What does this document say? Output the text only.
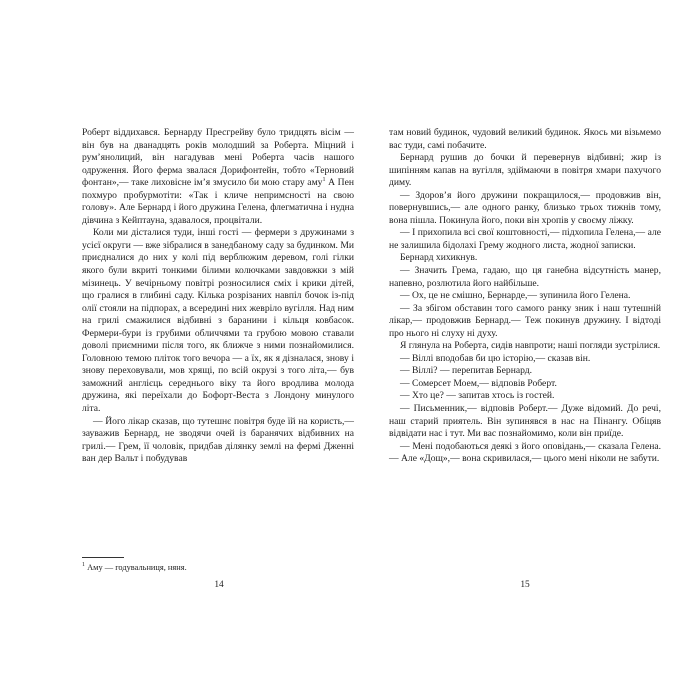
Роберт віддихався. Бернарду Пресгрейву було тридцять вісім — він був на дванадцять років молодший за Роберта. Міцний і рум’янолиций, він нагадував мені Роберта часів нашого одруження. Його ферма звалася Дорифонтейн, тобто «Терновий фонтан»,— таке лиховісне ім’я змусило би мою стару аму$^1$ А Пен похмуро пробурмотіти: «Так і кличе непримсності на свою голову». Але Бернард і його дружина Гелена, флегматична і нудна дівчина з Кейптауна, здавалося, процвітали.

Коли ми дісталися туди, інші гості — фермери з дружинами з усієї округи — вже зібралися в занедбаному саду за будинком. Ми приєдналися до них у колі під верблюжим деревом, голі гілки якого були вкриті тонкими білими колючками завдовжки з мій мізинець. У вечірньому повітрі розносилися сміх і крики дітей, що гралися в глибині саду. Кілька розрізаних навпіл бочок із-під олії стояли на підпорах, а всередині них жевріло вугілля. Над ним на грилі смажилися відбивні з баранини і кільця ковбасок. Фермери-бури із грубими обличчями та грубою мовою ставали доволі приємними після того, як ближче з ними познайомилися. Головною темою пліток того вечора — а їх, як я дізналася, знову і знову переховували, мов хрящі, по всій окрузі з того літа,— був заможний англієць середнього віку та його вродлива молода дружина, які переїхали до Бофорт-Веста з Лондону минулого літа.

— Його лікар сказав, що тутешнє повітря буде їй на користь,— зауважив Бернард, не зводячи очей із баранячих відбивних на грилі.— Грем, її чоловік, придбав ділянку землі на фермі Дженні ван дер Вальт і побудував

$^1$ Аму — годувальниця, няня.
14

там новий будинок, чудовий великий будинок. Якось ми візьмемо вас туди, самі побачите.

Бернард рушив до бочки й перевернув відбивні; жир із шипінням капав на вугілля, здіймаючи в повітря хмари пахучого диму.

— Здоров’я його дружини покращилося,— продовжив він, повернувшись,— але одного ранку, близько трьох тижнів тому, вона пішла. Покинула його, поки він хропів у своєму ліжку.

— І прихопила всі свої коштовності,— підхопила Гелена,— але не залишила бідолахі Грему жодного листа, жодної записки.

Бернард хихикнув.

— Значить Грема, гадаю, що ця ганебна відсутність манер, напевно, розлютила його найбільше.

— Ох, це не смішно, Бернарде,— зупинила його Гелена.

— За збігом обставин того самого ранку зник і наш тутешній лікар,— продовжив Бернард.— Теж покинув дружину. І відтоді про нього ні слуху ні духу.

Я глянула на Роберта, сидів навпроти; наші погляди зустрілися.

— Віллі вподобав би цю історію,— сказав він.

— Віллі? — перепитав Бернард.

— Сомерсет Моем,— відповів Роберт.

— Хто це? — запитав хтось із гостей.

— Письменник,— відповів Роберт.— Дуже відомий. До речі, наш старий приятель. Він зупинявся в нас на Пінангу. Обіцяв відвідати нас і тут. Ми вас познайомимо, коли він приїде.

— Мені подобаються деякі з його оповідань,— сказала Гелена.— Але «Дощ»,— вона скривилася,— цього мені ніколи не забути.

15
